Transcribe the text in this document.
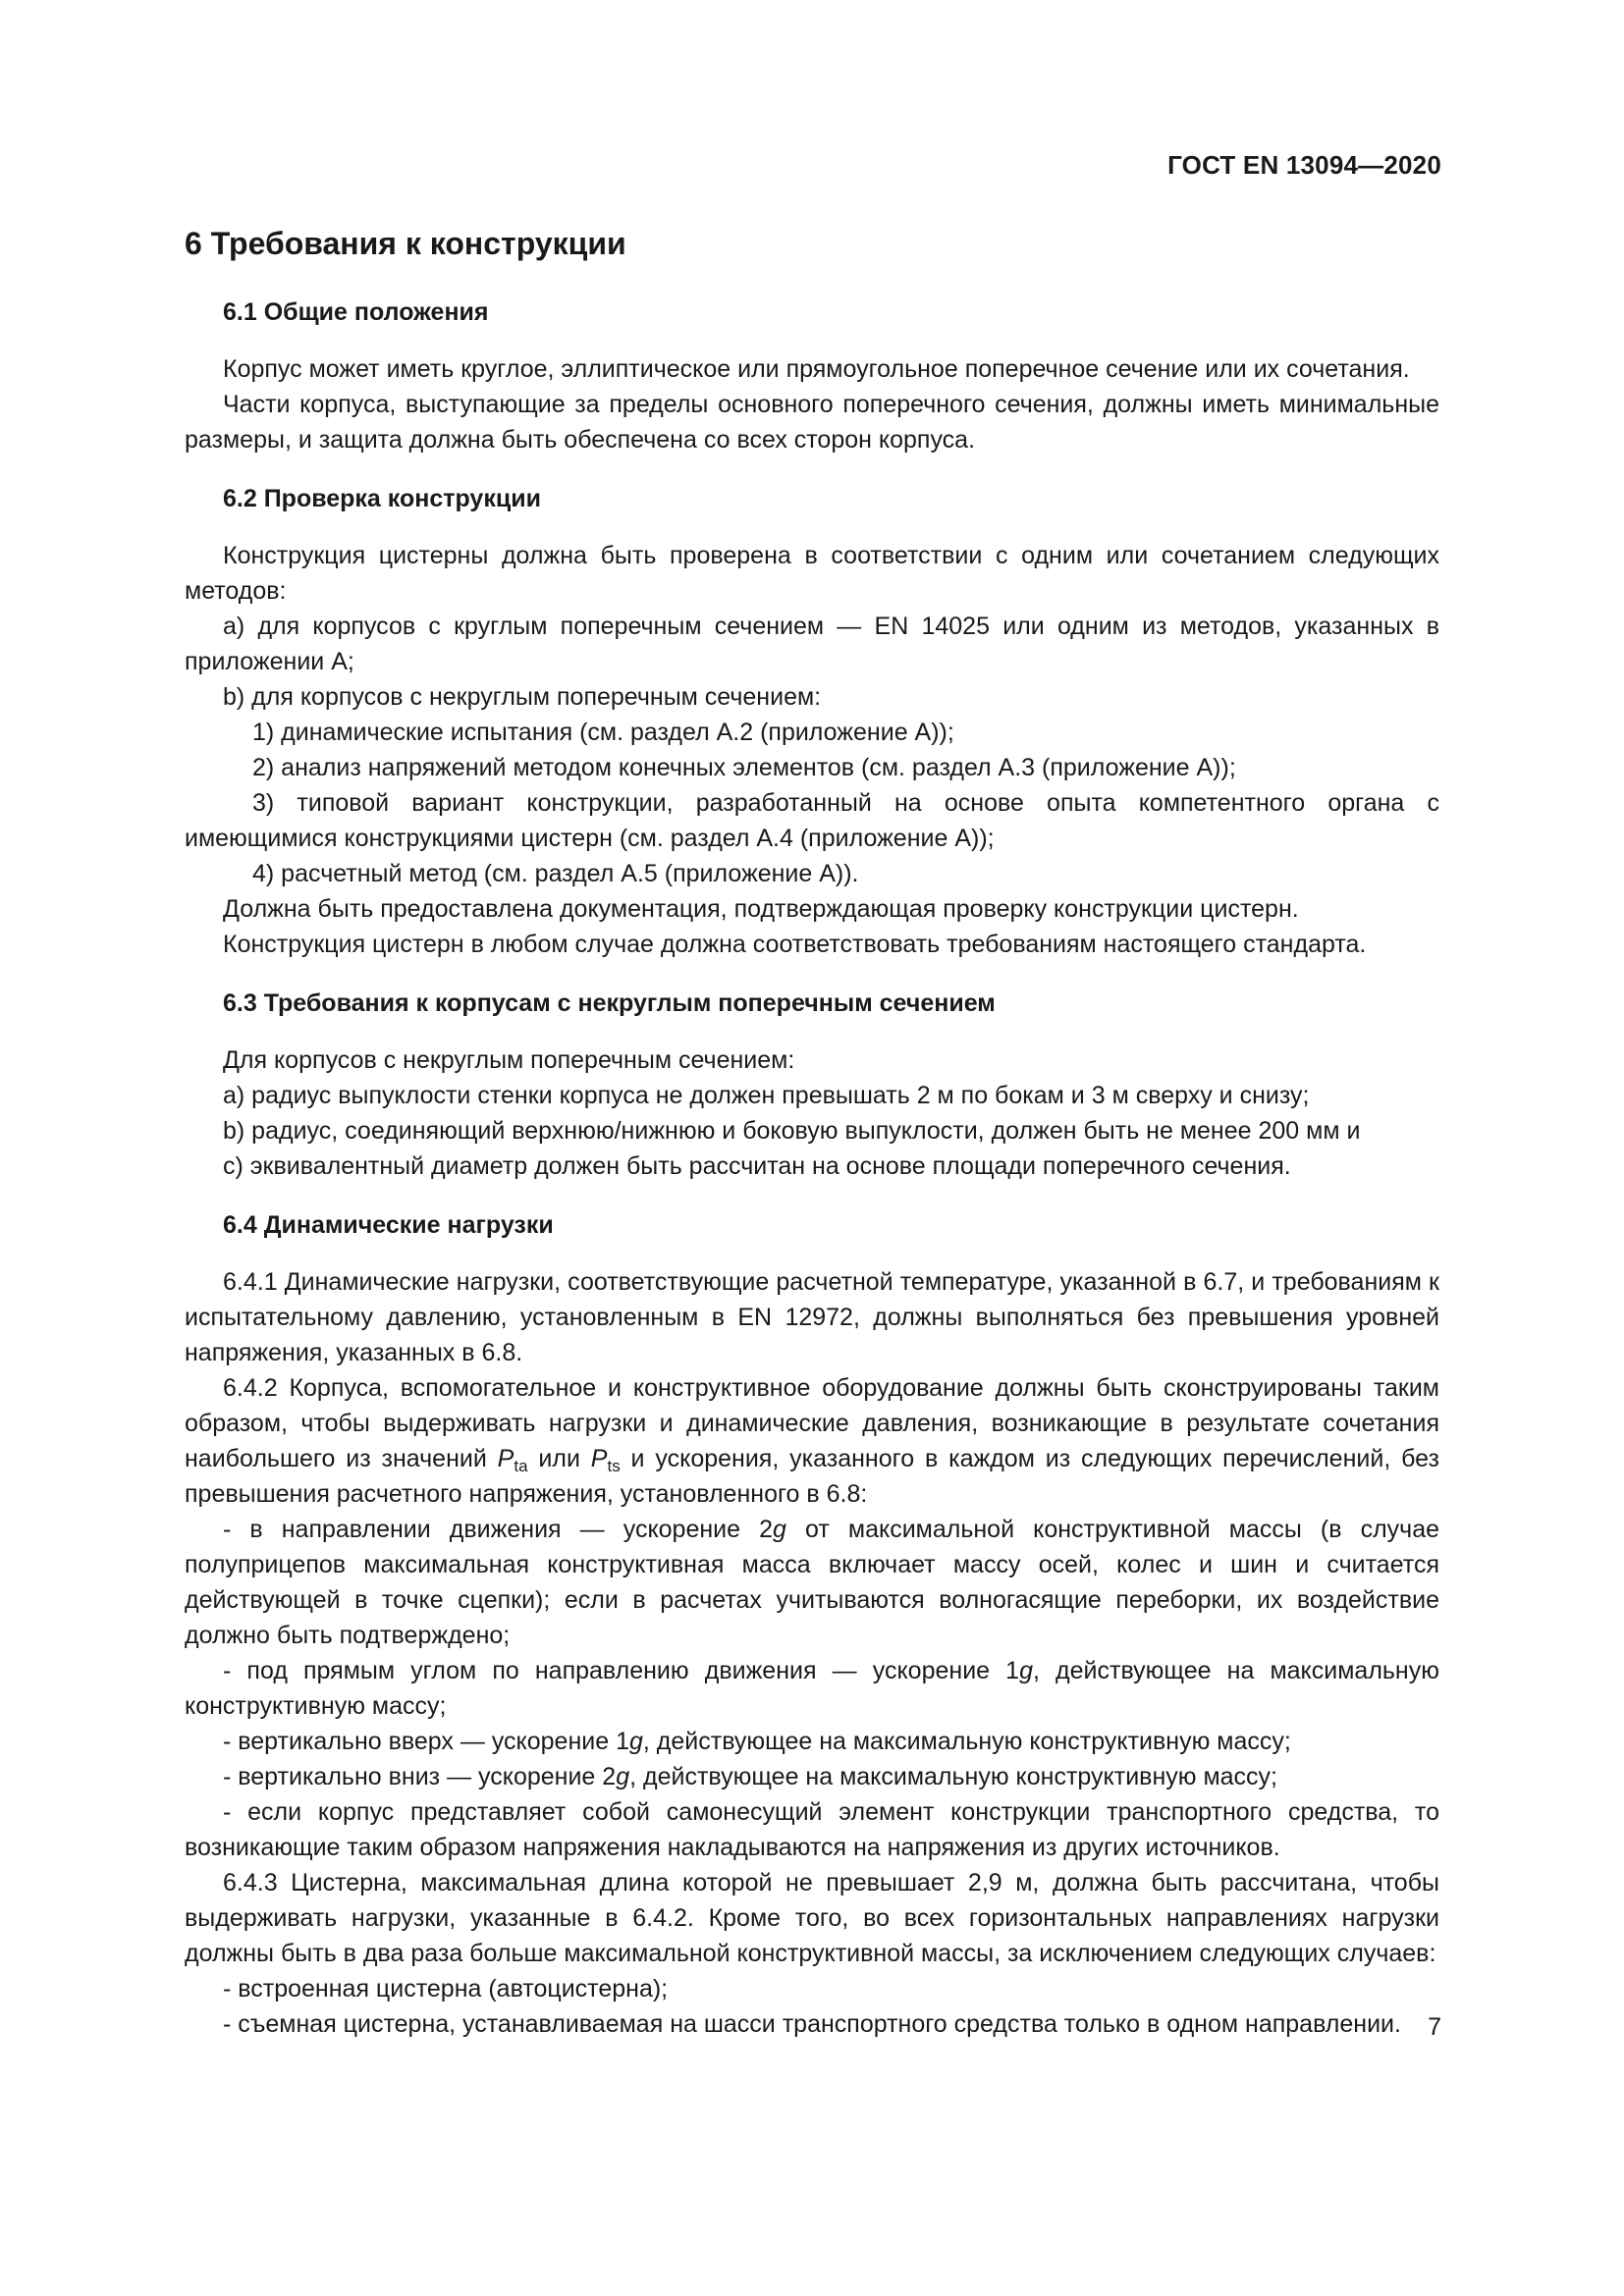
ГОСТ EN 13094—2020
6 Требования к конструкции
6.1 Общие положения

Корпус может иметь круглое, эллиптическое или прямоугольное поперечное сечение или их сочетания.

Части корпуса, выступающие за пределы основного поперечного сечения, должны иметь минимальные размеры, и защита должна быть обеспечена со всех сторон корпуса.

6.2 Проверка конструкции

Конструкция цистерны должна быть проверена в соответствии с одним или сочетанием следующих методов:

a) для корпусов с круглым поперечным сечением — EN 14025 или одним из методов, указанных в приложении А;

b) для корпусов с некруглым поперечным сечением:

1) динамические испытания (см. раздел А.2 (приложение А));

2) анализ напряжений методом конечных элементов (см. раздел А.3 (приложение А));

3) типовой вариант конструкции, разработанный на основе опыта компетентного органа с имеющимися конструкциями цистерн (см. раздел А.4 (приложение А));

4) расчетный метод (см. раздел А.5 (приложение А)).

Должна быть предоставлена документация, подтверждающая проверку конструкции цистерн.

Конструкция цистерн в любом случае должна соответствовать требованиям настоящего стандарта.

6.3 Требования к корпусам с некруглым поперечным сечением

Для корпусов с некруглым поперечным сечением:

a) радиус выпуклости стенки корпуса не должен превышать 2 м по бокам и 3 м сверху и снизу;

b) радиус, соединяющий верхнюю/нижнюю и боковую выпуклости, должен быть не менее 200 мм и

c) эквивалентный диаметр должен быть рассчитан на основе площади поперечного сечения.

6.4 Динамические нагрузки

6.4.1 Динамические нагрузки, соответствующие расчетной температуре, указанной в 6.7, и требованиям к испытательному давлению, установленным в EN 12972, должны выполняться без превышения уровней напряжения, указанных в 6.8.

6.4.2 Корпуса, вспомогательное и конструктивное оборудование должны быть сконструированы таким образом, чтобы выдерживать нагрузки и динамические давления, возникающие в результате сочетания наибольшего из значений $P_{ta}$ или $P_{ts}$ и ускорения, указанного в каждом из следующих перечислений, без превышения расчетного напряжения, установленного в 6.8:

- в направлении движения — ускорение 2g от максимальной конструктивной массы (в случае полуприцепов максимальная конструктивная масса включает массу осей, колес и шин и считается действующей в точке сцепки); если в расчетах учитываются волногасящие переборки, их воздействие должно быть подтверждено;

- под прямым углом по направлению движения — ускорение 1g, действующее на максимальную конструктивную массу;

- вертикально вверх — ускорение 1g, действующее на максимальную конструктивную массу;

- вертикально вниз — ускорение 2g, действующее на максимальную конструктивную массу;

- если корпус представляет собой самонесущий элемент конструкции транспортного средства, то возникающие таким образом напряжения накладываются на напряжения из других источников.

6.4.3 Цистерна, максимальная длина которой не превышает 2,9 м, должна быть рассчитана, чтобы выдерживать нагрузки, указанные в 6.4.2. Кроме того, во всех горизонтальных направлениях нагрузки должны быть в два раза больше максимальной конструктивной массы, за исключением следующих случаев:

- встроенная цистерна (автоцистерна);

- съемная цистерна, устанавливаемая на шасси транспортного средства только в одном направлении.	7
